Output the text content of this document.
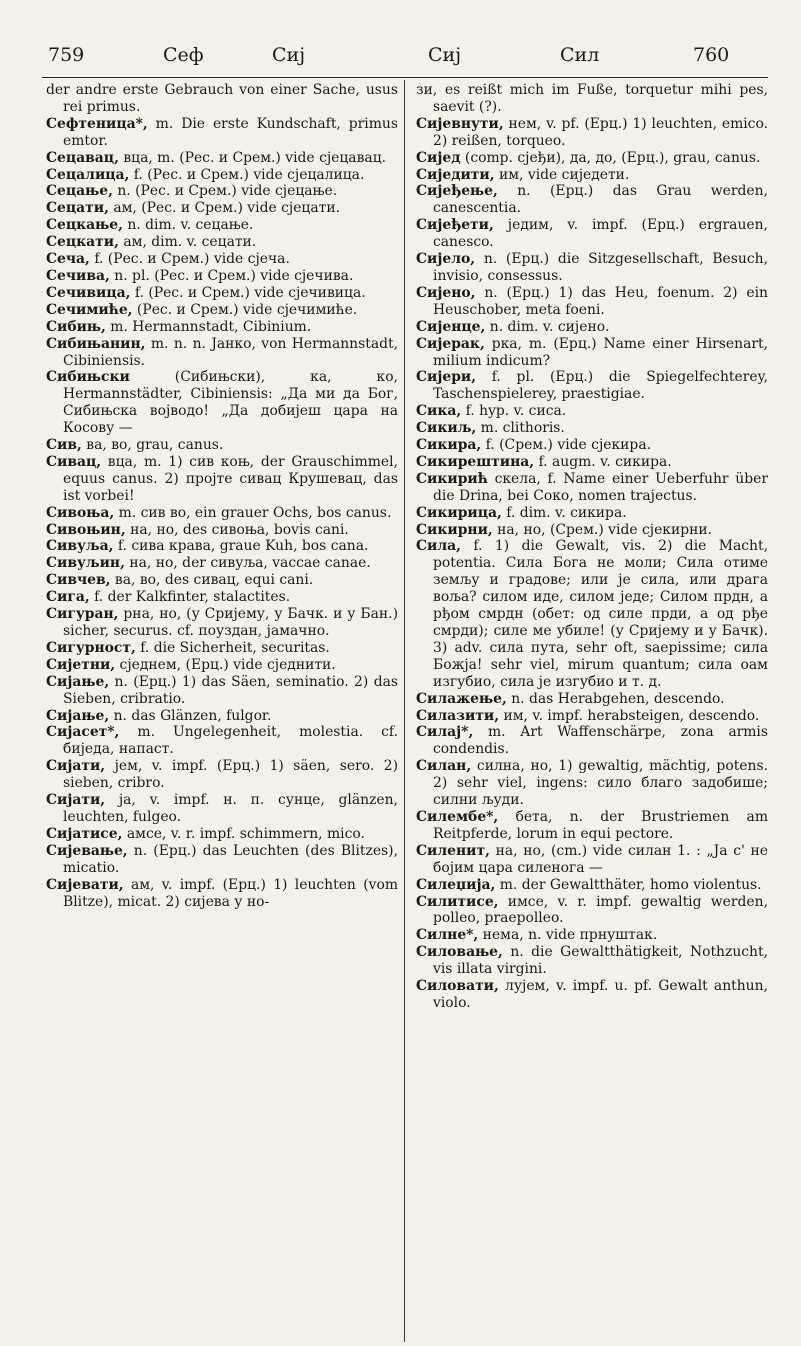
759	Сеф	Сиј	Сиј	Сил	760

der andre erste Gebrauch von einer Sache, usus rei primus.

Сефтеница*, m. Die erste Kundschaft, primus emtor.

Сецавац, вца, m. (Рес. и Срем.) vide сјецавац.

Сецалица, f. (Рес. и Срем.) vide сјецалица.

Сецање, n. (Рес. и Срем.) vide сјецање.

Сецати, ам, (Рес. и Срем.) vide сјецати.

Сецкање, n. dim. v. сецање.

Сецкати, ам, dim. v. сецати.

Сеча, f. (Рес. и Срем.) vide сјеча.

Сечива, n. pl. (Рес. и Срем.) vide сјечива.

Сечивица, f. (Рес. и Срем.) vide сјечивица.

Сечимиће, (Рес. и Срем.) vide сјечимиће.

Сибињ, m. Hermannstadt, Cibinium.

Сибињанин, m. n. n. Јанко, von Hermannstadt, Cibiniensis.

Сибињски (Сибињски), ка, ко, Hermannstädter, Cibiniensis: „Да ми да Бог, Сибињска војводо! „Да добијеш цара на Косову —

Сив, ва, во, grau, canus.

Сивац, вца, m. 1) сив коњ, der Grauschimmel, equus canus. 2) пројте сивац Крушевац, das ist vorbei!

Сивоња, m. сив во, ein grauer Ochs, bos canus.

Сивоњин, на, но, des сивоња, bovis cani.

Сивуља, f. сива крава, graue Kuh, bos cana.

Сивуљин, на, но, der сивуља, vaccae canae.

Сивчев, ва, во, des сивац, equi cani.

Сига, f. der Kalkfinter, stalactites.

Сигуран, рна, но, (у Сријему, у Бачк. и у Бан.) sicher, securus. cf. поуздан, јамачно.

Сигурност, f. die Sicherheit, securitas.

Сијетни, сједнем, (Ерц.) vide сједнити.

Сијање, n. (Ерц.) 1) das Säen, seminatio. 2) das Sieben, cribratio.

Сијање, n. das Glänzen, fulgor.

Сијасет*, m. Ungelegenheit, molestia. cf. биједа, напаст.

Сијати, јем, v. impf. (Ерц.) 1) säen, sero. 2) sieben, cribro.

Сијати, ја, v. impf. н. п. сунце, glänzen, leuchten, fulgeo.

Сијатисе, амсе, v. r. impf. schimmern, mico.

Сијевање, n. (Ерц.) das Leuchten (des Blitzes), micatio.

Сијевати, ам, v. impf. (Ерц.) 1) leuchten (vom Blitze), micat. 2) сијева у но-

зи, es reißt mich im Fuße, torquetur mihi pes, saevit (?).

Сијевнути, нем, v. pf. (Ерц.) 1) leuchten, emico. 2) reißen, torqueo.

Сијед (comp. сјеђи), да, до, (Ерц.), grau, canus.

Сиједити, им, vide сиједети.

Сијеђење, n. (Ерц.) das Grau werden, canescentia.

Сијеђети, једим, v. impf. (Ерц.) ergrauen, canesco.

Сијело, n. (Ерц.) die Sitzgesellschaft, Besuch, invisio, consessus.

Сијено, n. (Ерц.) 1) das Heu, foenum. 2) ein Heuschober, meta foeni.

Сијенце, n. dim. v. сијено.

Сијерак, рка, m. (Ерц.) Name einer Hirsenart, milium indicum?

Сијери, f. pl. (Ерц.) die Spiegelfechterey, Taschenspielerey, praestigiae.

Сика, f. hyp. v. сиса.

Сикиљ, m. clithoris.

Сикира, f. (Срем.) vide сјекира.

Сикирештина, f. augm. v. сикира.

Сикирић скела, f. Name einer Ueberfuhr über die Drina, bei Соко, nomen trajectus.

Сикирица, f. dim. v. сикира.

Сикирни, на, но, (Срем.) vide сјекирни.

Сила, f. 1) die Gewalt, vis. 2) die Macht, potentia. Сила Бога не моли; Сила отиме земљу и градове; или је сила, или драга воља? силом иде, силом једе; Силом прдн, а рђом смрдн (обет: од силе прди, а од рђе смрди); силе ме убиле! (у Сријему и у Бачк). 3) adv. сила пута, sehr oft, saepissime; сила Божја! sehr viel, mirum quantum; сила оам изгубио, сила је изгубио и т. д.

Силажење, n. das Herabgehen, descendo.

Силазити, им, v. impf. herabsteigen, descendo.

Силај*, m. Art Waffenschärpe, zona armis condendis.

Силан, силна, но, 1) gewaltig, mächtig, potens. 2) sehr viel, ingens: сило благо задобише; силни људи.

Силембе*, бета, n. der Brustriemen am Reitpferde, lorum in equi pectore.

Силенит, на, но, (cm.) vide силан 1. : „Ја с' не бојим цара силенога —

Силеџија, m. der Gewaltthäter, homo violentus.

Силитисе, имсе, v. r. impf. gewaltig werden, polleo, praepolleo.

Силне*, нема, n. vide прнуштак.

Силовање, n. die Gewaltthätigkeit, Nothzucht, vis illata virgini.

Силовати, лујем, v. impf. u. pf. Gewalt anthun, violo.
